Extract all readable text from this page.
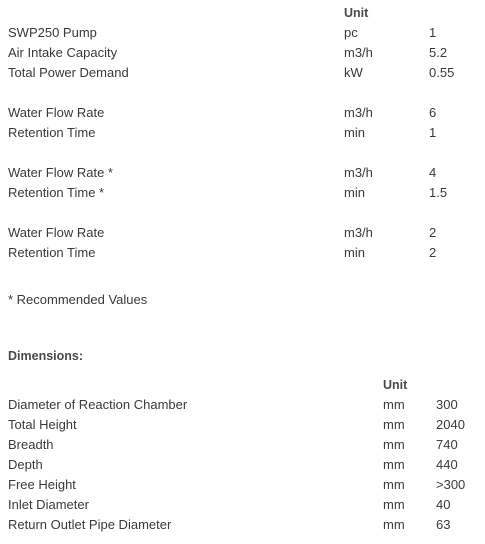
Unit
SWP250 Pump	pc	1
Air Intake Capacity	m3/h	5.2
Total Power Demand	kW	0.55
Water Flow Rate	m3/h	6
Retention Time	min	1
Water Flow Rate *	m3/h	4
Retention Time *	min	1.5
Water Flow Rate	m3/h	2
Retention Time	min	2
* Recommended Values
Dimensions:
Unit
Diameter of Reaction Chamber	mm 300
Total Height	mm 2040
Breadth	mm 740
Depth	mm 440
Free Height	mm >300
Inlet Diameter	mm 40
Return Outlet Pipe Diameter	mm 63
